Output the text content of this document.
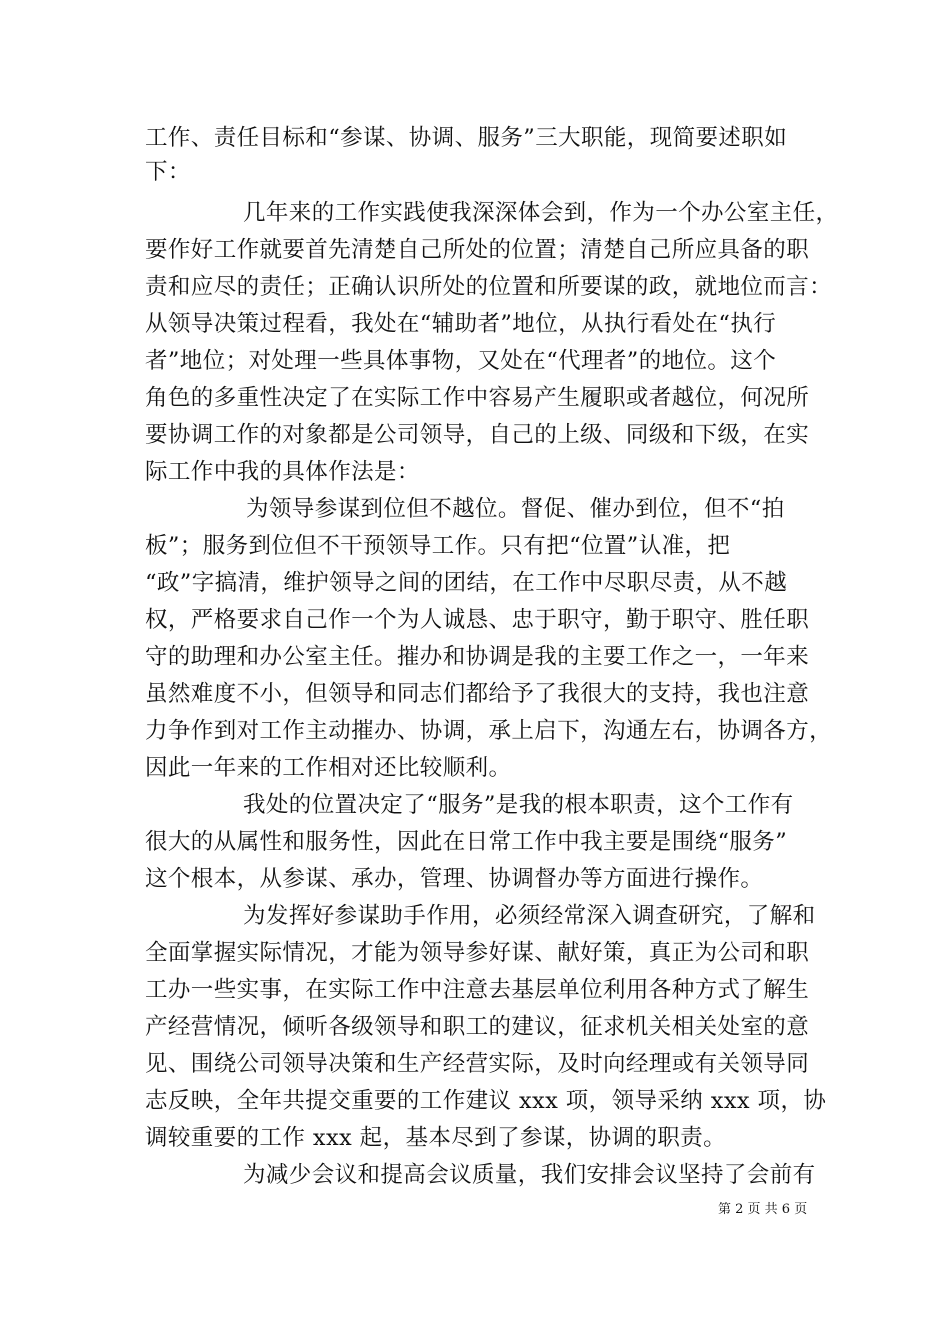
工作、责任目标和“参谋、协调、服务”三大职能，现简要述职如
下：
几年来的工作实践使我深深体会到，作为一个办公室主任，
要作好工作就要首先清楚自己所处的位置；清楚自己所应具备的职
责和应尽的责任；正确认识所处的位置和所要谋的政，就地位而言：
从领导决策过程看，我处在“辅助者”地位，从执行看处在“执行
者”地位；对处理一些具体事物，又处在“代理者”的地位。这个
角色的多重性决定了在实际工作中容易产生履职或者越位，何况所
要协调工作的对象都是公司领导，自己的上级、同级和下级，在实
际工作中我的具体作法是：
为领导参谋到位但不越位。督促、催办到位，但不“拍
板”；服务到位但不干预领导工作。只有把“位置”认准，把
“政”字搞清，维护领导之间的团结，在工作中尽职尽责，从不越
权，严格要求自己作一个为人诚恳、忠于职守，勤于职守、胜任职
守的助理和办公室主任。摧办和协调是我的主要工作之一，一年来
虽然难度不小，但领导和同志们都给予了我很大的支持，我也注意
力争作到对工作主动摧办、协调，承上启下，沟通左右，协调各方，
因此一年来的工作相对还比较顺利。
我处的位置决定了“服务”是我的根本职责，这个工作有
很大的从属性和服务性，因此在日常工作中我主要是围绕“服务”
这个根本，从参谋、承办，管理、协调督办等方面进行操作。
为发挥好参谋助手作用，必须经常深入调查研究，了解和
全面掌握实际情况，才能为领导参好谋、献好策，真正为公司和职
工办一些实事，在实际工作中注意去基层单位利用各种方式了解生
产经营情况，倾听各级领导和职工的建议，征求机关相关处室的意
见、围绕公司领导决策和生产经营实际，及时向经理或有关领导同
志反映，全年共提交重要的工作建议 xxx 项，领导采纳 xxx 项，协
调较重要的工作 xxx 起，基本尽到了参谋，协调的职责。
为减少会议和提高会议质量，我们安排会议坚持了会前有
第 2 页 共 6 页
